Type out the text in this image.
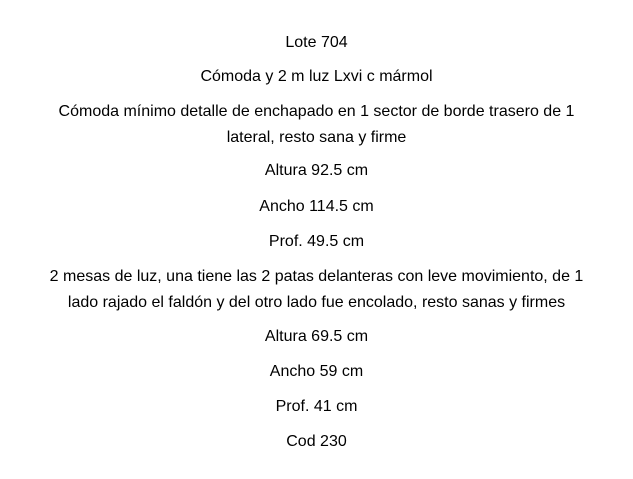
Lote 704
Cómoda y 2 m luz Lxvi c mármol
Cómoda mínimo detalle de enchapado en 1 sector de borde trasero de 1
lateral, resto sana y firme
Altura 92.5 cm
Ancho 114.5 cm
Prof. 49.5 cm
2 mesas de luz, una tiene las 2 patas delanteras con leve movimiento, de 1
lado rajado el faldón y del otro lado fue encolado, resto sanas y firmes
Altura 69.5 cm
Ancho 59 cm
Prof. 41 cm
Cod 230
